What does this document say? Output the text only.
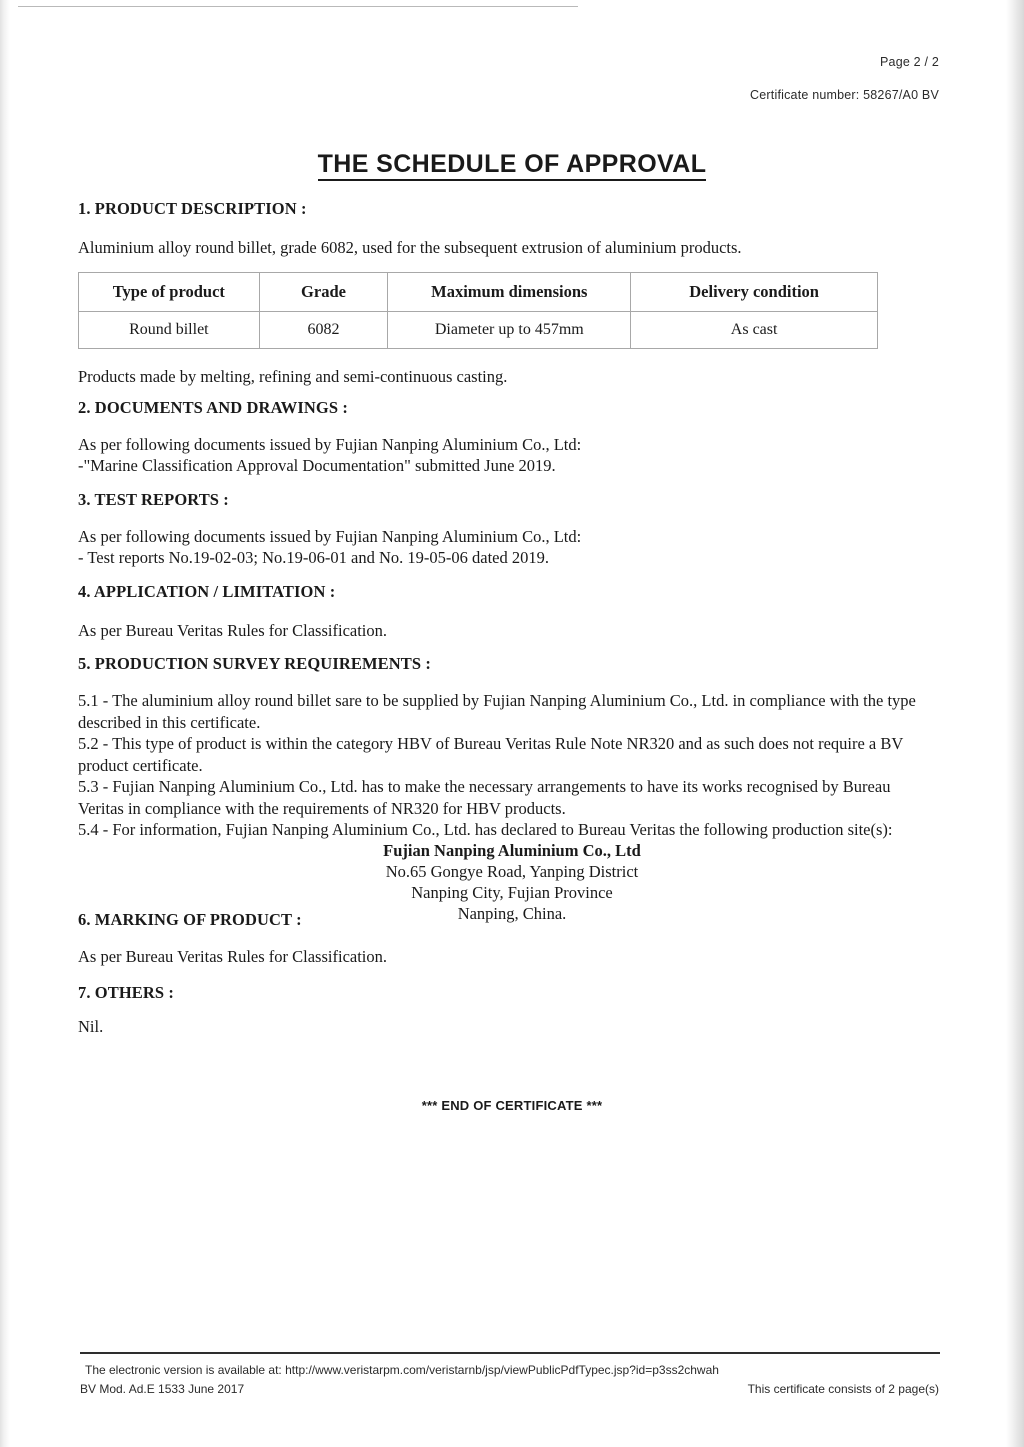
Page 2 / 2
Certificate number: 58267/A0 BV
THE SCHEDULE OF APPROVAL
1. PRODUCT DESCRIPTION :
Aluminium alloy round billet, grade 6082, used for the subsequent extrusion of aluminium products.
Type of product	Grade	Maximum dimensions	Delivery condition
Round billet	6082	Diameter up to 457mm	As cast
Products made by melting, refining and semi-continuous casting.
2. DOCUMENTS AND DRAWINGS :
As per following documents issued by Fujian Nanping Aluminium Co., Ltd:
-"Marine Classification Approval Documentation" submitted June 2019.
3. TEST REPORTS :
As per following documents issued by Fujian Nanping Aluminium Co., Ltd:
- Test reports No.19-02-03; No.19-06-01 and No. 19-05-06 dated 2019.
4. APPLICATION / LIMITATION :
As per Bureau Veritas Rules for Classification.
5. PRODUCTION SURVEY REQUIREMENTS :
5.1 - The aluminium alloy round billet sare to be supplied by Fujian Nanping Aluminium Co., Ltd. in compliance with the type described in this certificate.
5.2 - This type of product is within the category HBV of Bureau Veritas Rule Note NR320 and as such does not require a BV product certificate.
5.3 - Fujian Nanping Aluminium Co., Ltd. has to make the necessary arrangements to have its works recognised by Bureau Veritas in compliance with the requirements of NR320 for HBV products.
5.4 - For information, Fujian Nanping Aluminium Co., Ltd. has declared to Bureau Veritas the following production site(s):
Fujian Nanping Aluminium Co., Ltd
No.65 Gongye Road, Yanping District
Nanping City, Fujian Province
Nanping, China.
6. MARKING OF PRODUCT :
As per Bureau Veritas Rules for Classification.
7. OTHERS :
Nil.
*** END OF CERTIFICATE ***
The electronic version is available at: http://www.veristarpm.com/veristarnb/jsp/viewPublicPdfTypec.jsp?id=p3ss2chwah
BV Mod. Ad.E 1533 June 2017	This certificate consists of 2 page(s)
